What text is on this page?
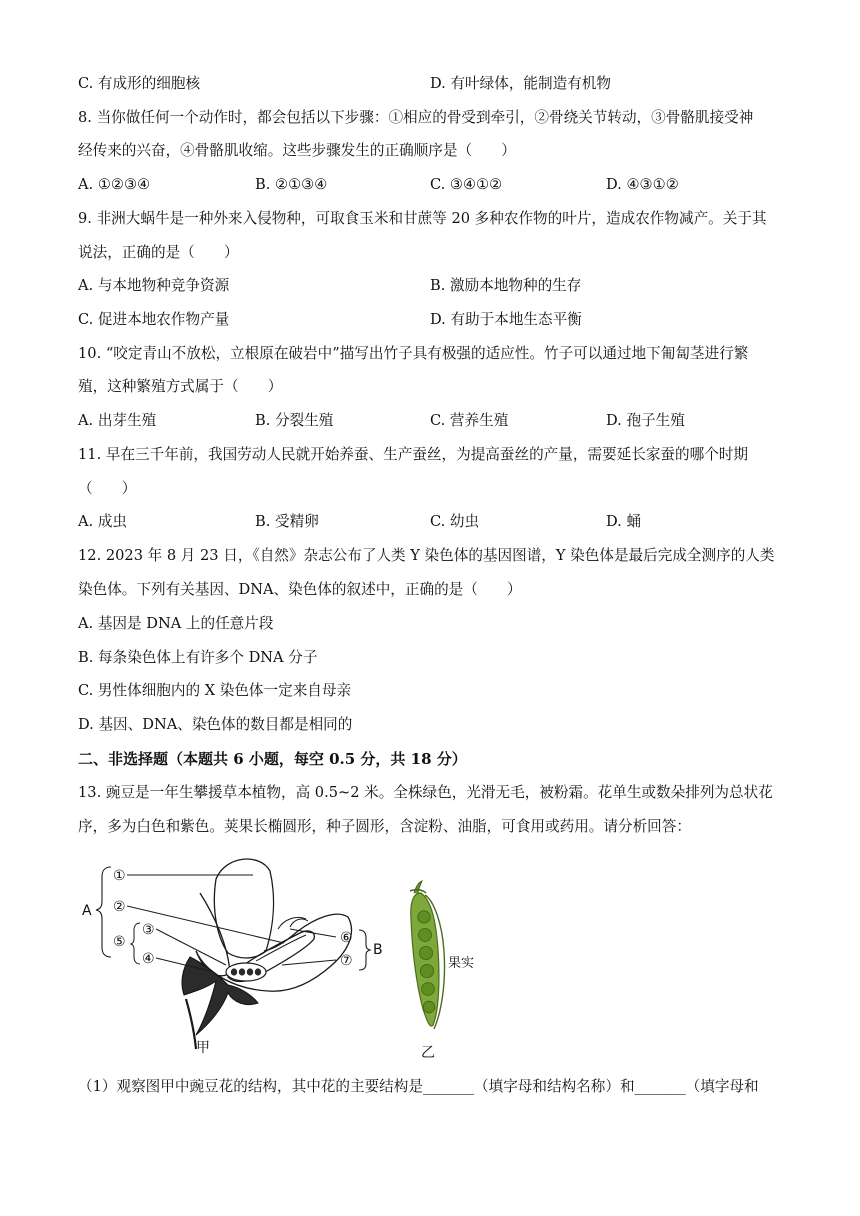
C. 有成形的细胞核	D. 有叶绿体，能制造有机物
8. 当你做任何一个动作时，都会包括以下步骤：①相应的骨受到牵引，②骨绕关节转动，③骨骼肌接受神
经传来的兴奋，④骨骼肌收缩。这些步骤发生的正确顺序是（　　）
A. ①②③④	B. ②①③④	C. ③④①②	D. ④③①②
9. 非洲大蜗牛是一种外来入侵物种，可取食玉米和甘蔗等 20 多种农作物的叶片，造成农作物减产。关于其
说法，正确的是（　　）
A. 与本地物种竞争资源	B. 激励本地物种的生存
C. 促进本地农作物产量	D. 有助于本地生态平衡
10. “咬定青山不放松，立根原在破岩中”描写出竹子具有极强的适应性。竹子可以通过地下匍匐茎进行繁
殖，这种繁殖方式属于（　　）
A. 出芽生殖	B. 分裂生殖	C. 营养生殖	D. 孢子生殖
11. 早在三千年前，我国劳动人民就开始养蚕、生产蚕丝，为提高蚕丝的产量，需要延长家蚕的哪个时期
（　　）
A. 成虫	B. 受精卵	C. 幼虫	D. 蛹
12. 2023 年 8 月 23 日，《自然》杂志公布了人类 Y 染色体的基因图谱，Y 染色体是最后完成全测序的人类
染色体。下列有关基因、DNA、染色体的叙述中，正确的是（　　）
A. 基因是 DNA 上的任意片段
B. 每条染色体上有许多个 DNA 分子
C. 男性体细胞内的 X 染色体一定来自母亲
D. 基因、DNA、染色体的数目都是相同的
二、非选择题（本题共 6 小题，每空 0.5 分，共 18 分）
13. 豌豆是一年生攀援草本植物，高 0.5~2 米。全株绿色，光滑无毛，被粉霜。花单生或数朵排列为总状花
序，多为白色和紫色。荚果长椭圆形，种子圆形，含淀粉、油脂，可食用或药用。请分析回答：
①
②
③
⑤
④
⑥
⑦
A
B
甲
果实
乙
（1）观察图甲中豌豆花的结构，其中花的主要结构是_______（填字母和结构名称）和_______（填字母和
